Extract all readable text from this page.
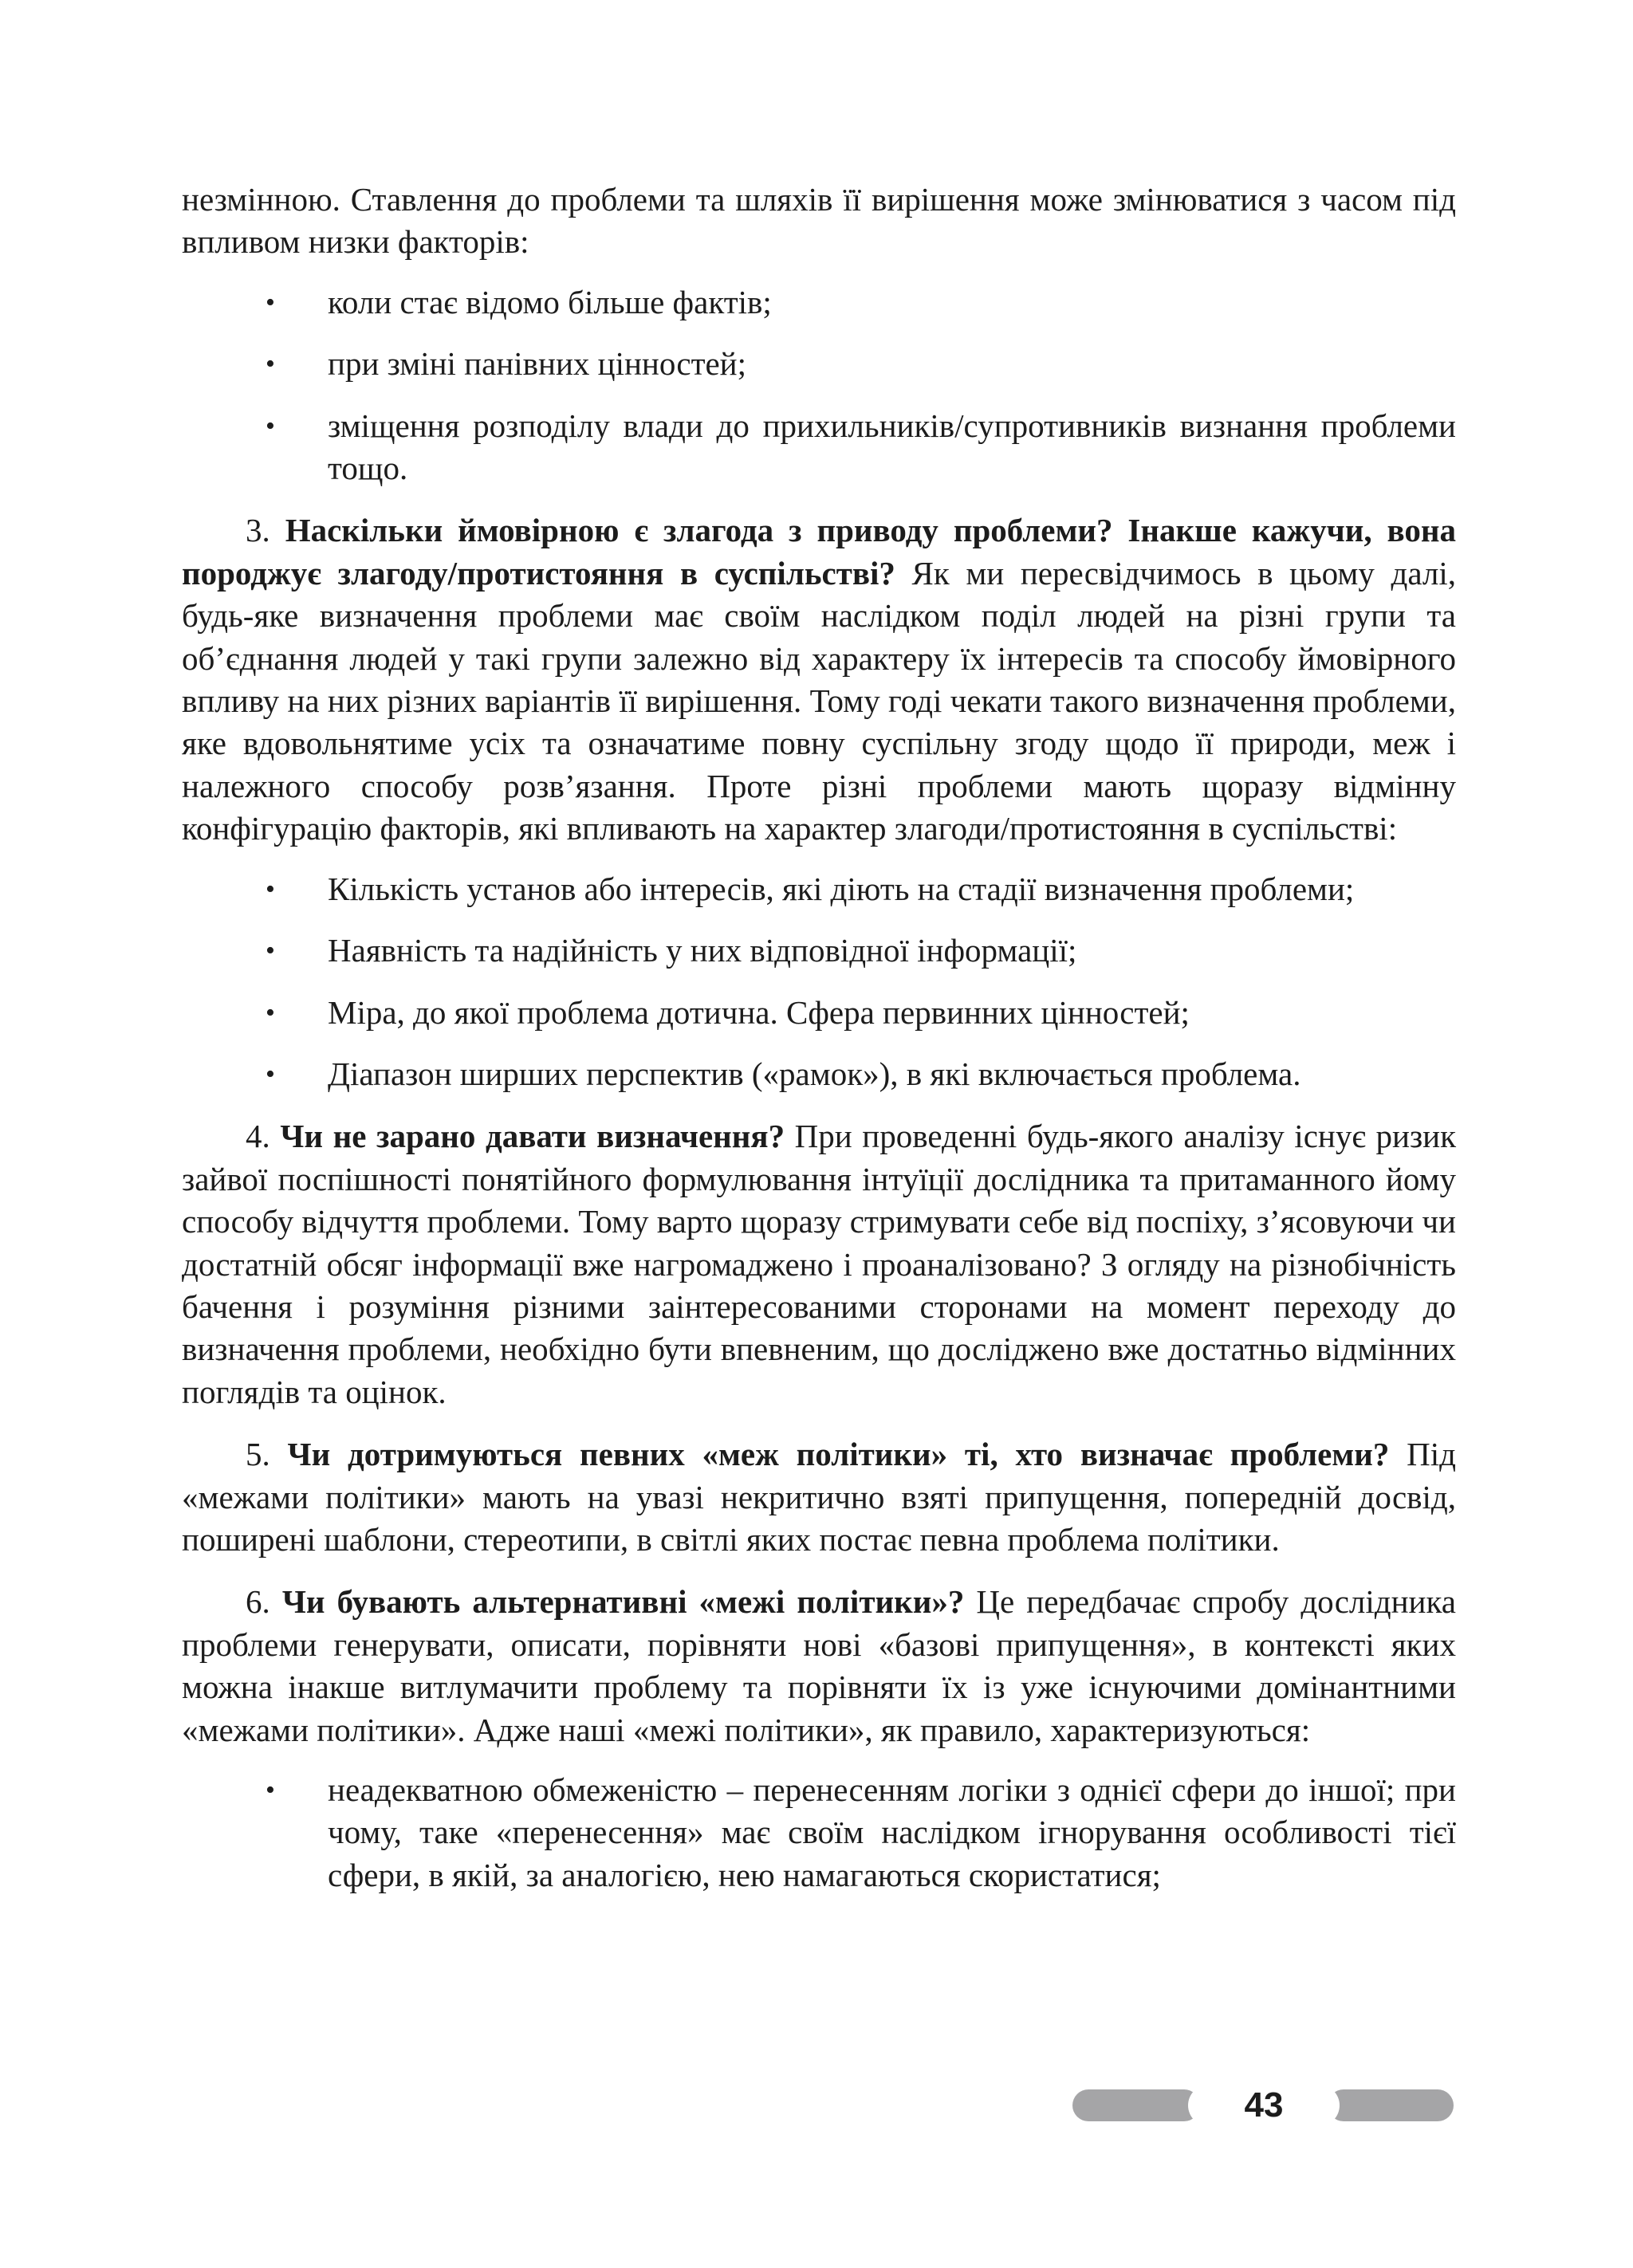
незмінною. Ставлення до проблеми та шляхів її вирішення може змінюватися з часом під впливом низки факторів:

• коли стає відомо більше фактів;
• при зміні панівних цінностей;
• зміщення розподілу влади до прихильників/супротивників визнання проблеми тощо.

3. Наскільки ймовірною є злагода з приводу проблеми? Інакше кажучи, вона породжує злагоду/протистояння в суспільстві? Як ми пересвідчимось в цьому далі, будь-яке визначення проблеми має своїм наслідком поділ людей на різні групи та об’єднання людей у такі групи залежно від характеру їх інтересів та способу ймовірного впливу на них різних варіантів її вирішення. Тому годі чекати такого визначення проблеми, яке вдовольнятиме усіх та означатиме повну суспільну згоду щодо її природи, меж і належного способу розв’язання. Проте різні проблеми мають щоразу відмінну конфігурацію факторів, які впливають на характер злагоди/протистояння в суспільстві:

• Кількість установ або інтересів, які діють на стадії визначення проблеми;
• Наявність та надійність у них відповідної інформації;
• Міра, до якої проблема дотична. Сфера первинних цінностей;
• Діапазон ширших перспектив («рамок»), в які включається проблема.

4. Чи не зарано давати визначення? При проведенні будь-якого аналізу існує ризик зайвої поспішності понятійного формулювання інтуїції дослідника та притаманного йому способу відчуття проблеми. Тому варто щоразу стримувати себе від поспіху, з’ясовуючи чи достатній обсяг інформації вже нагромаджено і проаналізовано? З огляду на різнобічність бачення і розуміння різними заінтересованими сторонами на момент переходу до визначення проблеми, необхідно бути впевненим, що досліджено вже достатньо відмінних поглядів та оцінок.

5. Чи дотримуються певних «меж політики» ті, хто визначає проблеми? Під «межами політики» мають на увазі некритично взяті припущення, попередній досвід, поширені шаблони, стереотипи, в світлі яких постає певна проблема політики.

6. Чи бувають альтернативні «межі політики»? Це передбачає спробу дослідника проблеми генерувати, описати, порівняти нові «базові припущення», в контексті яких можна інакше витлумачити проблему та порівняти їх із уже існуючими домінантними «межами політики». Адже наші «межі політики», як правило, характеризуються:

• неадекватною обмеженістю – перенесенням логіки з однієї сфери до іншої; при чому, таке «перенесення» має своїм наслідком ігнорування особливості тієї сфери, в якій, за аналогією, нею намагаються скористатися;
43
